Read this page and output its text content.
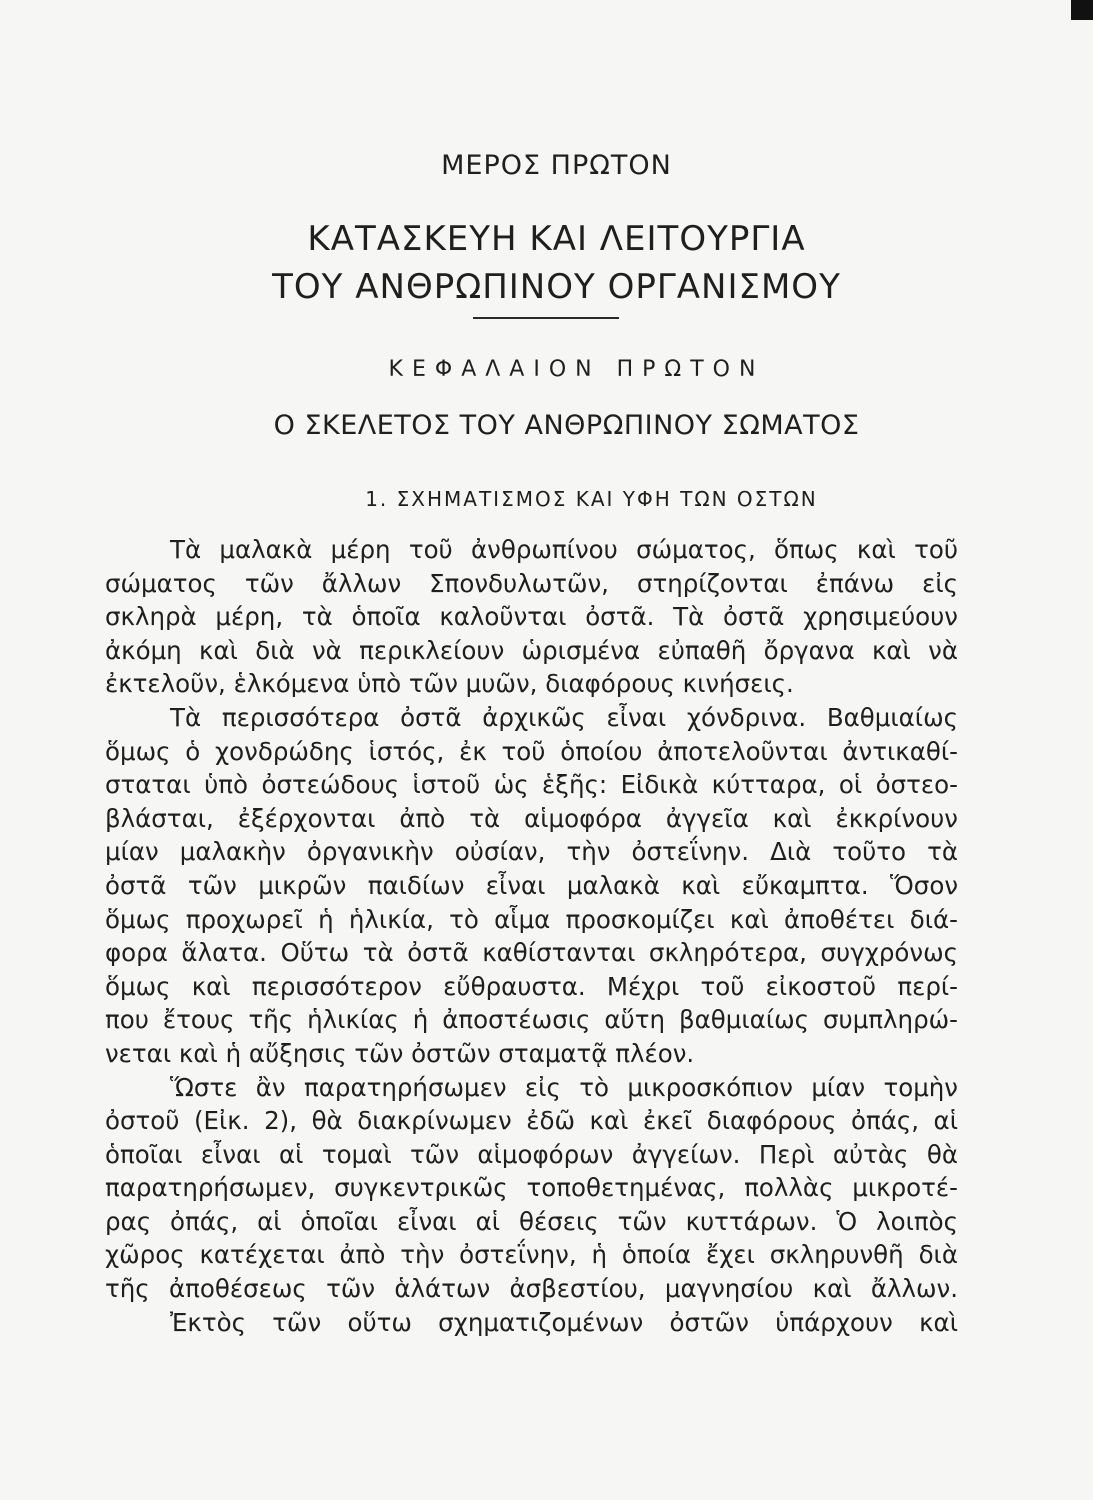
ΜΕΡΟΣ ΠΡΩΤΟΝ
ΚΑΤΑΣΚΕΥΗ ΚΑΙ ΛΕΙΤΟΥΡΓΙΑ
ΤΟΥ ΑΝΘΡΩΠΙΝΟΥ ΟΡΓΑΝΙΣΜΟΥ
ΚΕΦΑΛΑΙΟΝ ΠΡΩΤΟΝ
Ο ΣΚΕΛΕΤΟΣ ΤΟΥ ΑΝΘΡΩΠΙΝΟΥ ΣΩΜΑΤΟΣ
1. ΣΧΗΜΑΤΙΣΜΟΣ ΚΑΙ ΥΦΗ ΤΩΝ ΟΣΤΩΝ
Τὰ μαλακὰ μέρη τοῦ ἀνθρωπίνου σώματος, ὅπως καὶ τοῦ
σώματος τῶν ἄλλων Σπονδυλωτῶν, στηρίζονται ἐπάνω εἰς
σκληρὰ μέρη, τὰ ὁποῖα καλοῦνται ὀστᾶ. Τὰ ὀστᾶ χρησιμεύουν
ἀκόμη καὶ διὰ νὰ περικλείουν ὡρισμένα εὐπαθῆ ὄργανα καὶ νὰ
ἐκτελοῦν, ἑλκόμενα ὑπὸ τῶν μυῶν, διαφόρους κινήσεις.
Τὰ περισσότερα ὀστᾶ ἀρχικῶς εἶναι χόνδρινα. Βαθμιαίως
ὅμως ὁ χονδρώδης ἱστός, ἐκ τοῦ ὁποίου ἀποτελοῦνται ἀντικαθί-
σταται ὑπὸ ὀστεώδους ἱστοῦ ὡς ἑξῆς: Εἰδικὰ κύτταρα, οἱ ὀστεο-
βλάσται, ἐξέρχονται ἀπὸ τὰ αἱμοφόρα ἀγγεῖα καὶ ἐκκρίνουν
μίαν μαλακὴν ὀργανικὴν οὐσίαν, τὴν ὀστεΐνην. Διὰ τοῦτο τὰ
ὀστᾶ τῶν μικρῶν παιδίων εἶναι μαλακὰ καὶ εὔκαμπτα. Ὅσον
ὅμως προχωρεῖ ἡ ἡλικία, τὸ αἷμα προσκομίζει καὶ ἀποθέτει διά-
φορα ἅλατα. Οὕτω τὰ ὀστᾶ καθίστανται σκληρότερα, συγχρόνως
ὅμως καὶ περισσότερον εὔθραυστα. Μέχρι τοῦ εἰκοστοῦ περί-
που ἔτους τῆς ἡλικίας ἡ ἀποστέωσις αὕτη βαθμιαίως συμπληρώ-
νεται καὶ ἡ αὔξησις τῶν ὀστῶν σταματᾷ πλέον.
Ὥστε ἂν παρατηρήσωμεν εἰς τὸ μικροσκόπιον μίαν τομὴν
ὀστοῦ (Εἰκ. 2), θὰ διακρίνωμεν ἐδῶ καὶ ἐκεῖ διαφόρους ὀπάς, αἱ
ὁποῖαι εἶναι αἱ τομαὶ τῶν αἱμοφόρων ἀγγείων. Περὶ αὐτὰς θὰ
παρατηρήσωμεν, συγκεντρικῶς τοποθετημένας, πολλὰς μικροτέ-
ρας ὀπάς, αἱ ὁποῖαι εἶναι αἱ θέσεις τῶν κυττάρων. Ὁ λοιπὸς
χῶρος κατέχεται ἀπὸ τὴν ὀστεΐνην, ἡ ὁποία ἔχει σκληρυνθῆ διὰ
τῆς ἀποθέσεως τῶν ἁλάτων ἀσβεστίου, μαγνησίου καὶ ἄλλων.
Ἐκτὸς τῶν οὕτω σχηματιζομένων ὀστῶν ὑπάρχουν καὶ
